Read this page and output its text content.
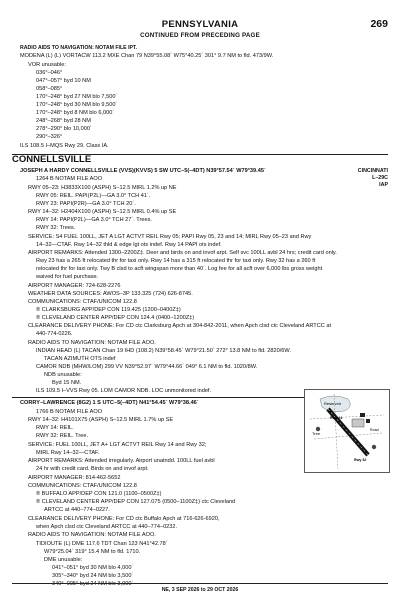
PENNSYLVANIA	269
CONTINUED FROM PRECEDING PAGE
RADIO AIDS TO NAVIGATION: NOTAM FILE IPT.
MODENA (L) (L) VORTACW 113.2 MXE Chan 79 N39°55.08´ W75°40.25´ 301° 9.7 NM to fld. 473/9W.
VOR unusable:
036°–046°
047°–057° byd 10 NM
058°–085°
170°–248° byd 27 NM blo 7,500´
170°–248° byd 30 NM blo 9,500´
170°–248° byd 8 NM blo 6,000´
248°–268° byd 28 NM
278°–290° blo 10,000´
290°–326°
ILS 108.5 I–MQS Rwy 29. Class IA.
CONNELLSVILLE
CINCINNATI
L–29C
IAP
JOSEPH A HARDY CONNELLSVILLE (VVS)(KVVS) 5 SW UTC–5(–4DT) N39°57.54´ W79°39.45´
1264 B NOTAM FILE AOO
RWY 05–23: H3833X100 (ASPH) S–12.5 MIRL 1.2% up NE
RWY 05: REIL. PAPI(P2L)—GA 3.0° TCH 41´.
RWY 23: PAPI(P2R)—GA 3.0° TCH 20´.
RWY 14–32: H2404X100 (ASPH) S–12.5 MIRL 0.4% up SE
RWY 14: PAPI(P2L)—GA 3.0° TCH 27´. Trees.
RWY 32: Trees.
SERVICE: S4 FUEL 100LL, JET A LGT ACTVT REIL Rwy 05; PAPI Rwy 05, 23 and 14; MIRL Rwy 05–23 and Rwy
14–32—CTAF. Rwy 14–32 thld & edge lgt ots indef. Rwy 14 PAPI ots indef.
AIRPORT REMARKS: Attended 1300–2200Z‡. Deer and birds on and invof arpt. Self svc 100LL avbl 24 hrs; credit card only.
Rwy 23 has a 265 ft relocated thr for taxi only. Rwy 14 has a 315 ft relocated thr for taxi only. Rwy 32 has a 260 ft
relocated thr for taxi only. Twy B clsd to acft wingspan more than 40´. Log fee for all acft over 6,000 lbs gross weight
waived for fuel purchase.
AIRPORT MANAGER: 724-628-2276
WEATHER DATA SOURCES: AWOS–3P 133.325 (724) 626-8745.
COMMUNICATIONS: CTAF/UNICOM 122.8
® CLARKSBURG APP/DEP CON 119.425 (1200–0400Z‡)
® CLEVELAND CENTER APP/DEP CON 124.4 (0400–1200Z‡)
CLEARANCE DELIVERY PHONE: For CD ctc Clarksburg Apch at 304-842-2011, when Apch clsd ctc Cleveland ARTCC at
440-774-0226.
RADIO AIDS TO NAVIGATION: NOTAM FILE AOO.
INDIAN HEAD (L) TACAN Chan 19 IHD (108.2) N39°58.45´ W79°21.50´ 272° 13.8 NM to fld. 2820/6W.
TACAN AZIMUTH OTS indef
CAMOR NDB (MHW/LOM) 299 VV N39°52.97´ W79°44.66´ 049° 6.1 NM to fld. 1020/8W.
NDB unusable:
Byd 15 NM.
ILS 109.5 I–VVS Rwy 05. LOM CAMOR NDB. LOC unmonitored indef.
CORRY–LAWRENCE (8G2) 1 S UTC–5(–4DT) N41°54.45´ W79°38.46´
1766 B NOTAM FILE AOO
RWY 14–32: H4101X75 (ASPH) S–12.5 MIRL 1.7% up SE
RWY 14: REIL.
RWY 32: REIL. Tree.
SERVICE: FUEL 100LL, JET A+ LGT ACTVT REIL Rwy 14 and Rwy 32;
MIRL Rwy 14–32—CTAF.
AIRPORT REMARKS: Attended irregularly. Airport unatndd. 100LL fuel avbl
24 hr with credit card. Birds on and invof arpt.
AIRPORT MANAGER: 814-462-5652
COMMUNICATIONS: CTAF/UNICOM 122.8
® BUFFALO APP/DEP CON 121.0 (1100–0500Z‡)
® CLEVELAND CENTER APP/DEP CON 127.075 (0500–1100Z‡) ctc Cleveland
ARTCC at 440–774–0227.
CLEARANCE DELIVERY PHONE: For CD ctc Buffalo Apch at 716-626-6920,
when Apch clsd ctc Cleveland ARTCC at 440–774–0232.
RADIO AIDS TO NAVIGATION: NOTAM FILE AOO.
TIDIOUTE (L) DME 117.6 TDT Chan 123 N41°42.78´
W79°25.04´ 319° 15.4 NM to fld. 1710.
DME unusable:
041°–051° byd 30 NM blo 4,000´
305°–340° byd 24 NM blo 3,500´
340°–005° byd 24 NM blo 3,000´
Reservoir
Tree
Rwy 14
Rwy 32
Road
NE, 3 SEP 2026 to 29 OCT 2026
